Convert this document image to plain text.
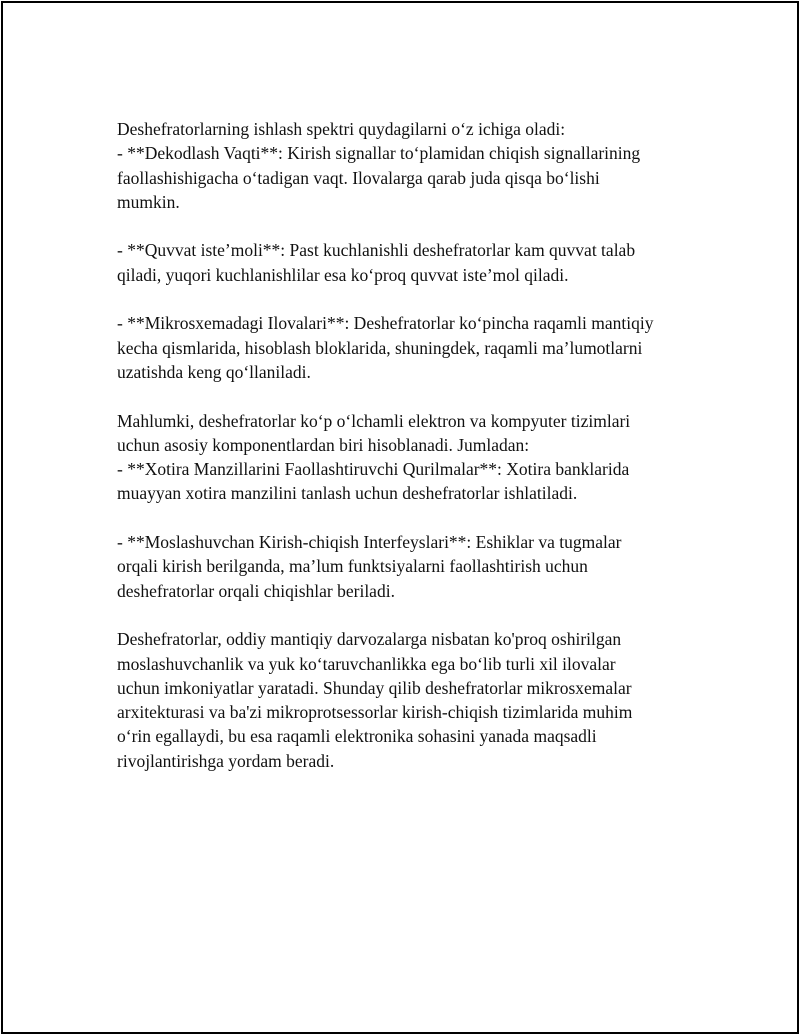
Deshefratorlarning ishlash spektri quydagilarni o‘z ichiga oladi:
- **Dekodlash Vaqti**: Kirish signallar to‘plamidan chiqish signallarining
faollashishigacha o‘tadigan vaqt. Ilovalarga qarab juda qisqa bo‘lishi
mumkin.
- **Quvvat iste’moli**: Past kuchlanishli deshefratorlar kam quvvat talab
qiladi, yuqori kuchlanishlilar esa ko‘proq quvvat iste’mol qiladi.
- **Mikrosxemadagi Ilovalari**: Deshefratorlar ko‘pincha raqamli mantiqiy
kecha qismlarida, hisoblash bloklarida, shuningdek, raqamli ma’lumotlarni
uzatishda keng qo‘llaniladi.
Mahlumki, deshefratorlar ko‘p o‘lchamli elektron va kompyuter tizimlari
uchun asosiy komponentlardan biri hisoblanadi. Jumladan:
- **Xotira Manzillarini Faollashtiruvchi Qurilmalar**: Xotira banklarida
muayyan xotira manzilini tanlash uchun deshefratorlar ishlatiladi.
- **Moslashuvchan Kirish-chiqish Interfeyslari**: Eshiklar va tugmalar
orqali kirish berilganda, ma’lum funktsiyalarni faollashtirish uchun
deshefratorlar orqali chiqishlar beriladi.
Deshefratorlar, oddiy mantiqiy darvozalarga nisbatan ko'proq oshirilgan
moslashuvchanlik va yuk ko‘taruvchanlikka ega bo‘lib turli xil ilovalar
uchun imkoniyatlar yaratadi. Shunday qilib deshefratorlar mikrosxemalar
arxitekturasi va ba'zi mikroprotsessorlar kirish-chiqish tizimlarida muhim
o‘rin egallaydi, bu esa raqamli elektronika sohasini yanada maqsadli
rivojlantirishga yordam beradi.
